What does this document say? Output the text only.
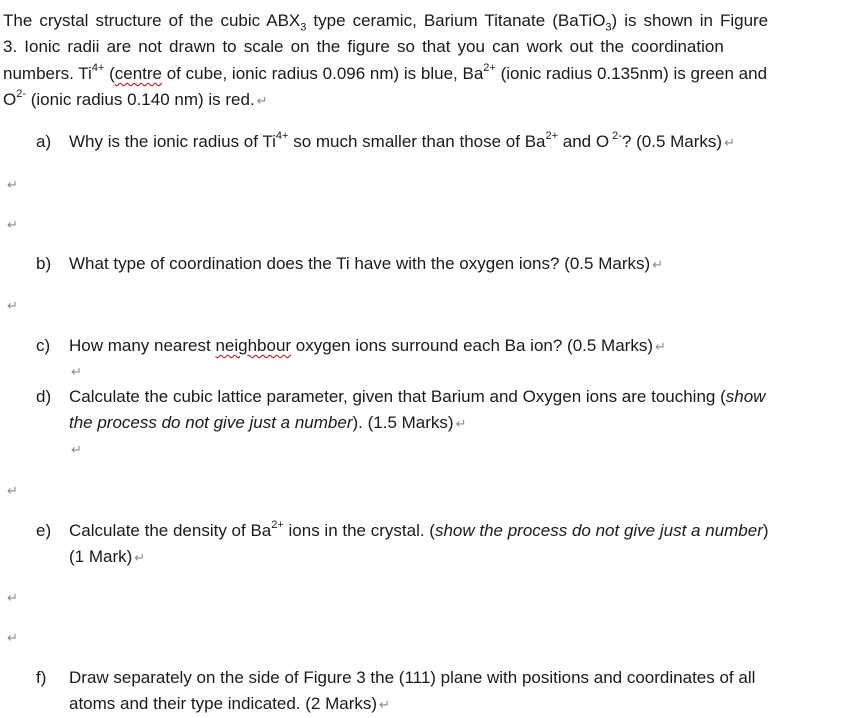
The crystal structure of the cubic $ABX_3$ type ceramic, Barium Titanate (BaTiO$_3$) is shown in Figure
3. Ionic radii are not drawn to scale on the figure so that you can work out the coordination
numbers. $Ti^{4+}$ (centre of cube, ionic radius 0.096 nm) is blue, $Ba^{2+}$ (ionic radius 0.135nm) is green and
$O^{2-}$ (ionic radius 0.140 nm) is red. ↵
a) Why is the ionic radius of $Ti^{4+}$ so much smaller than those of $Ba^{2+}$ and O $^{2-}$? (0.5 Marks) ↵
↵
↵
b) What type of coordination does the Ti have with the oxygen ions? (0.5 Marks) ↵
↵
c) How many nearest neighbour oxygen ions surround each Ba ion? (0.5 Marks) ↵
↵
d) Calculate the cubic lattice parameter, given that Barium and Oxygen ions are touching (show
the process do not give just a number). (1.5 Marks) ↵
↵
↵
e) Calculate the density of $Ba^{2+}$ ions in the crystal. (show the process do not give just a number)
(1 Mark) ↵
↵
↵
f) Draw separately on the side of Figure 3 the (111) plane with positions and coordinates of all
atoms and their type indicated. (2 Marks) ↵
